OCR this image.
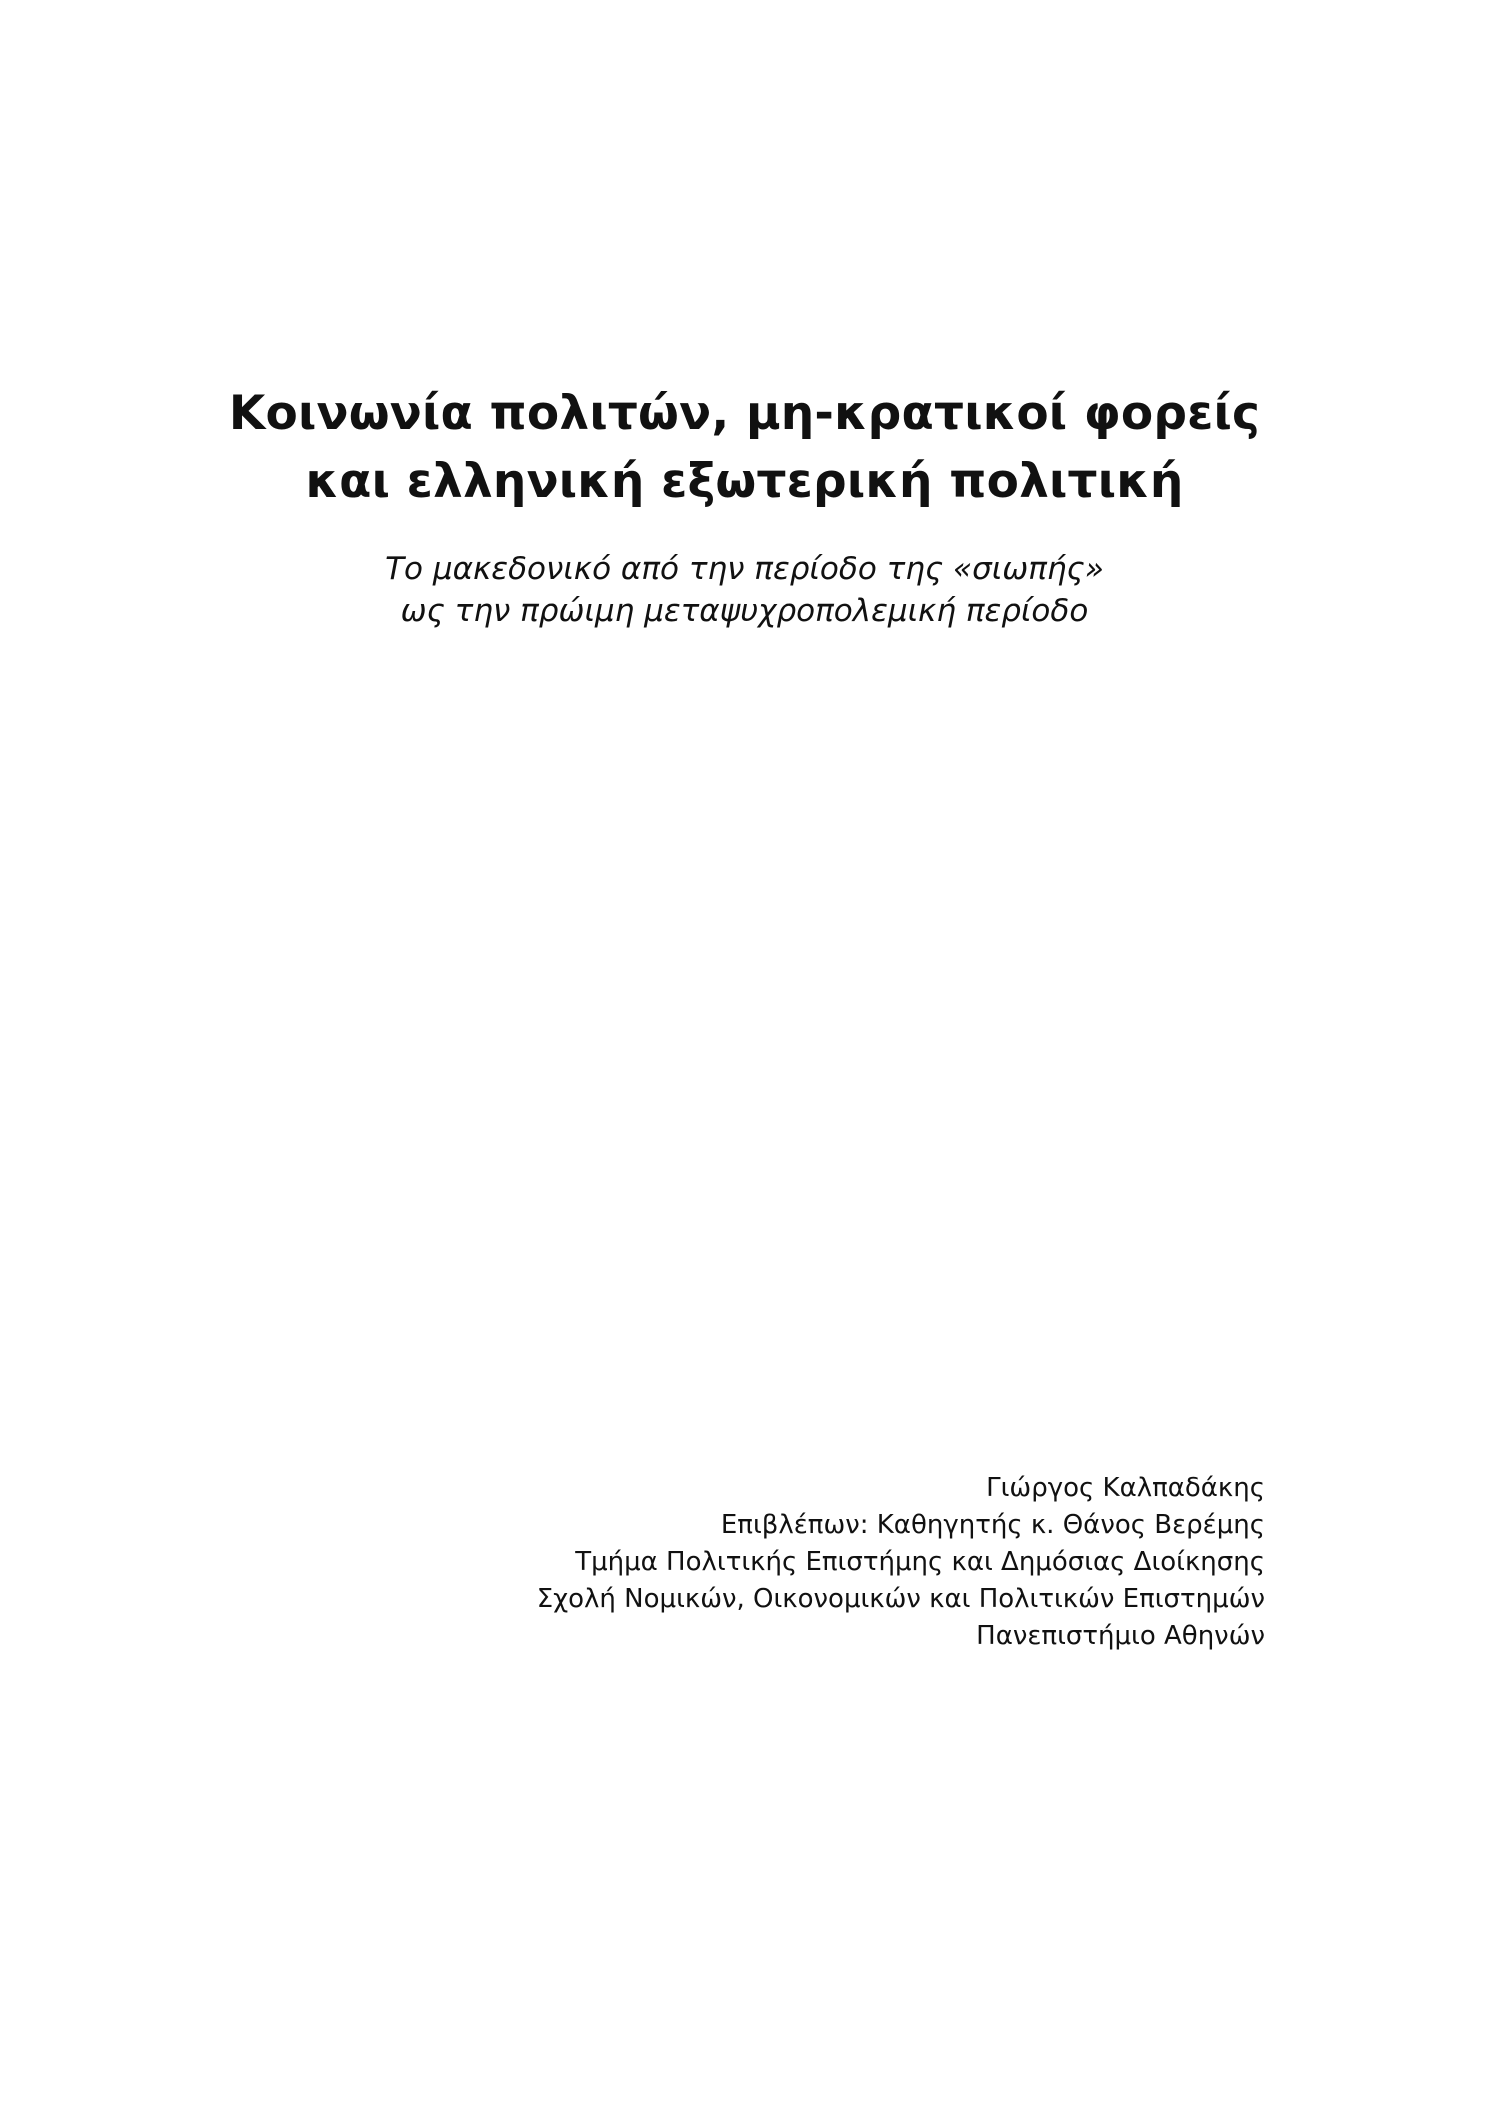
Κοινωνία πολιτών, μη-κρατικοί φορείς
και ελληνική εξωτερική πολιτική
Το μακεδονικό από την περίοδο της «σιωπής»
ως την πρώιμη μεταψυχροπολεμική περίοδο
Γιώργος Καλπαδάκης
Επιβλέπων: Καθηγητής κ. Θάνος Βερέμης
Τμήμα Πολιτικής Επιστήμης και Δημόσιας Διοίκησης
Σχολή Νομικών, Οικονομικών και Πολιτικών Επιστημών
Πανεπιστήμιο Αθηνών
